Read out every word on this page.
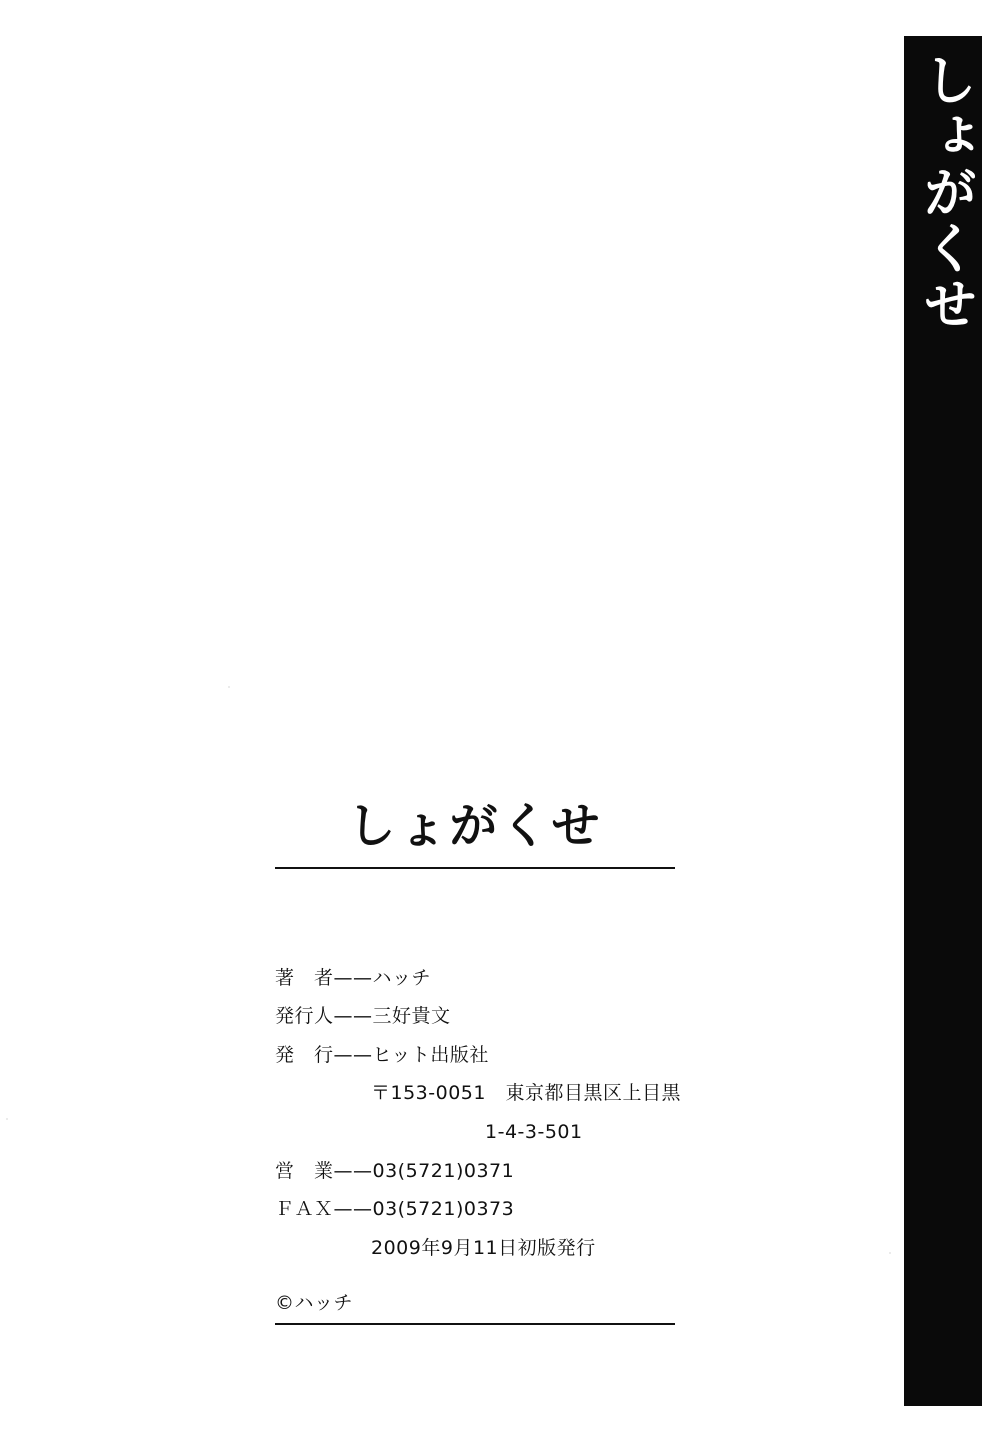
しょがくせ
しょがくせ
著　者——ハッチ
発行人——三好貴文
発　行——ヒット出版社
〒153-0051　東京都目黒区上目黒
1-4-3-501
営　業——03(5721)0371
ＦＡＸ——03(5721)0373
2009年9月11日初版発行
©ハッチ
